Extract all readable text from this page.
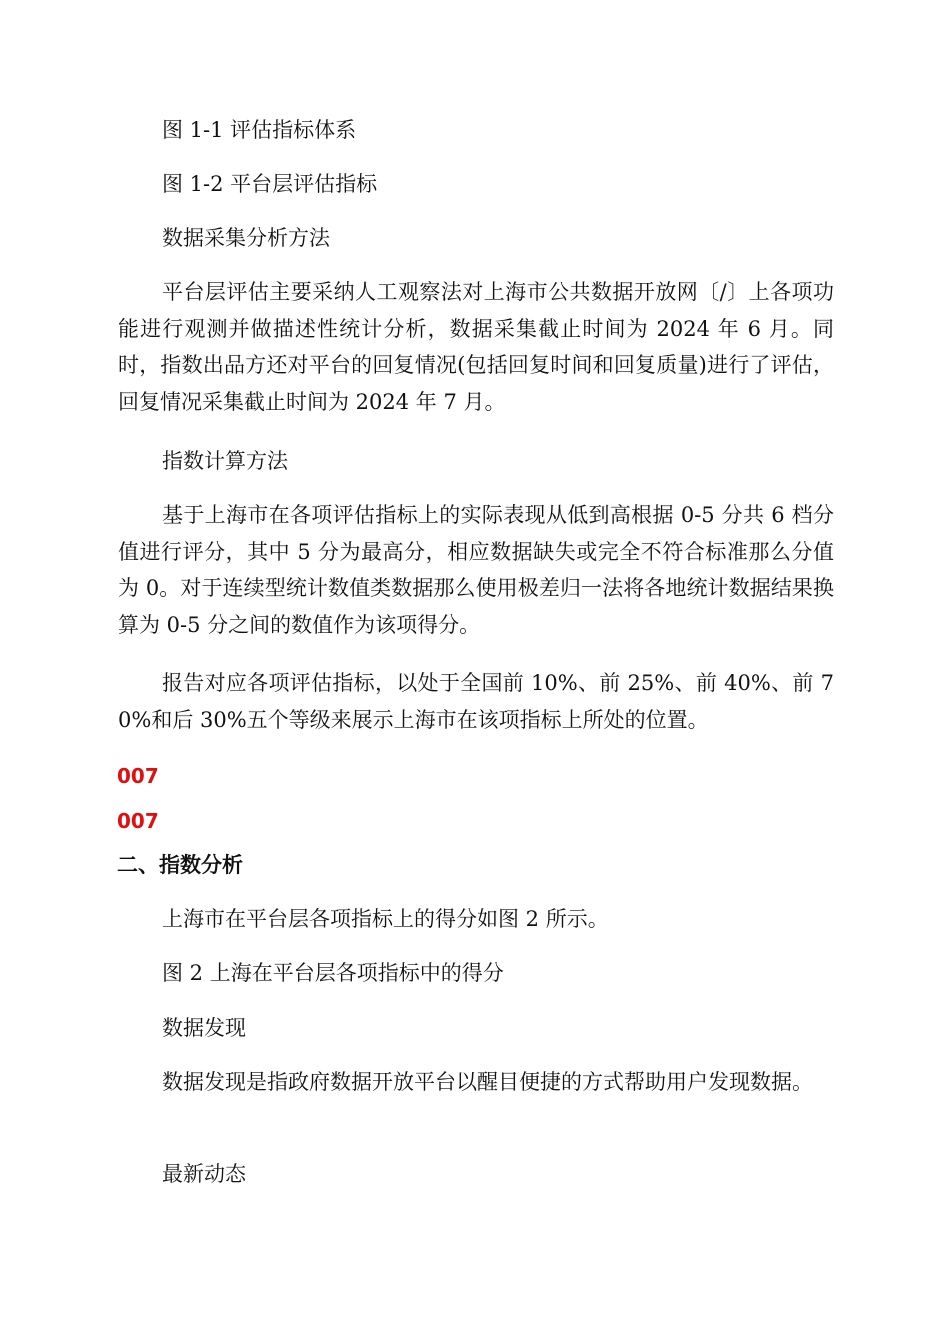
图 1-1 评估指标体系
图 1-2 平台层评估指标
数据采集分析方法
平台层评估主要采纳人工观察法对上海市公共数据开放网〔/〕上各项功能进行观测并做描述性统计分析，数据采集截止时间为 2024 年 6 月。同时，指数出品方还对平台的回复情况(包括回复时间和回复质量)进行了评估，回复情况采集截止时间为 2024 年 7 月。
指数计算方法
基于上海市在各项评估指标上的实际表现从低到高根据 0-5 分共 6 档分值进行评分，其中 5 分为最高分，相应数据缺失或完全不符合标准那么分值为 0。对于连续型统计数值类数据那么使用极差归一法将各地统计数据结果换算为 0-5 分之间的数值作为该项得分。
报告对应各项评估指标，以处于全国前 10%、前 25%、前 40%、前 70%和后 30%五个等级来展示上海市在该项指标上所处的位置。
007
007
二、指数分析
上海市在平台层各项指标上的得分如图 2 所示。
图 2 上海在平台层各项指标中的得分
数据发现
数据发现是指政府数据开放平台以醒目便捷的方式帮助用户发现数据。
最新动态
